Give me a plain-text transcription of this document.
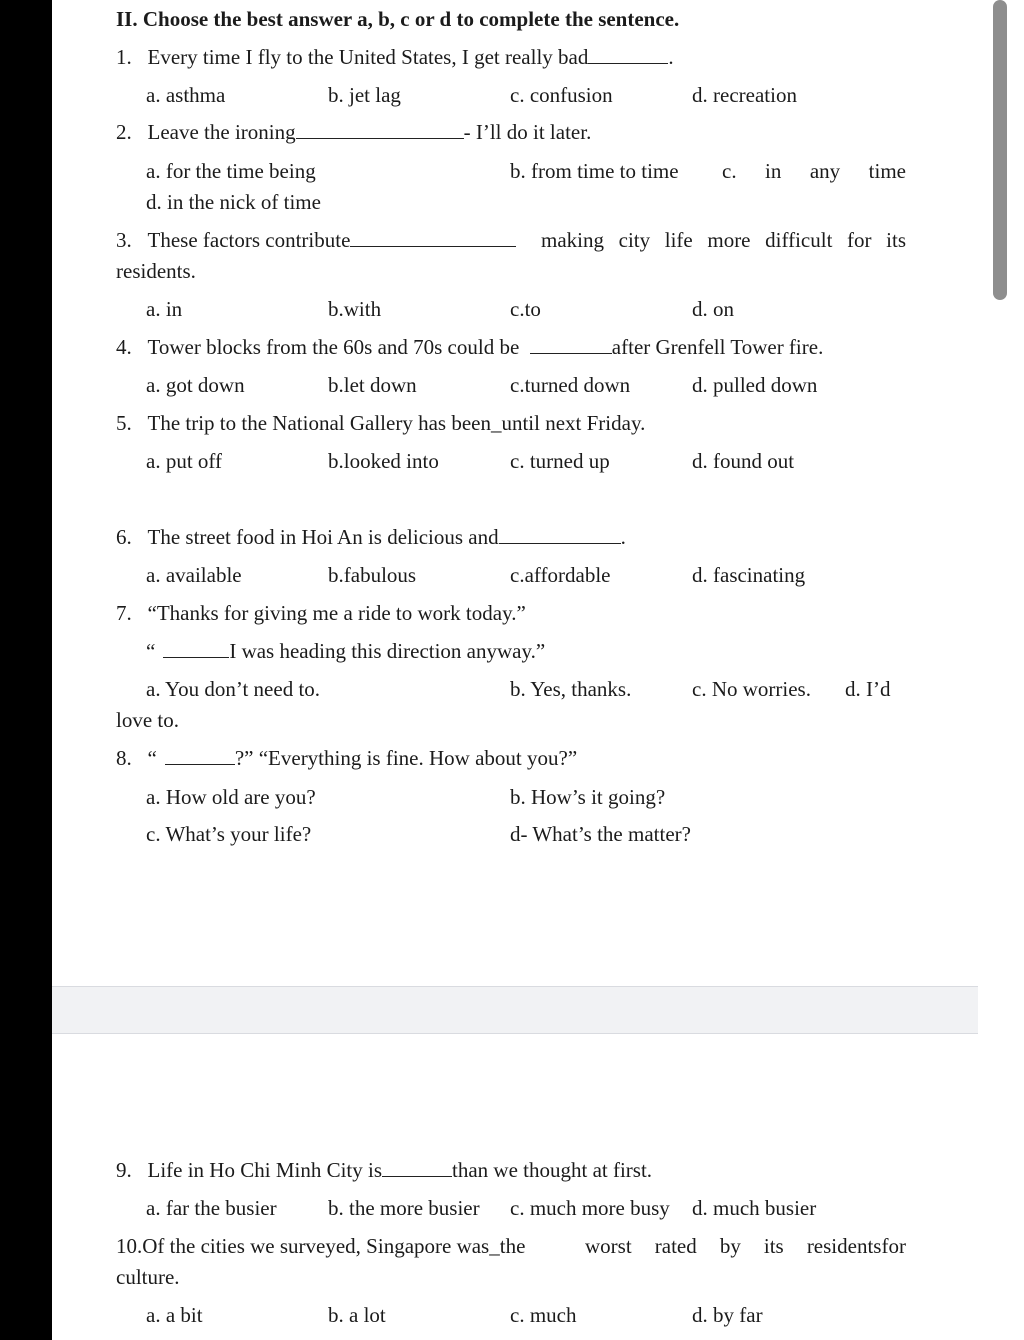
II. Choose the best answer a, b, c or d to complete the sentence.
1. Every time I fly to the United States, I get really bad	.
a. asthma	b. jet lag	c. confusion	d. recreation
2. Leave the ironing	- I’ll do it later.
a. for the time being	b. from time to time c. in any time
d. in the nick of time
3. These factors contribute	making city life more difficult for its
residents.
a. in	b.with	c.to	d. on
4. Tower blocks from the 60s and 70s could be	after Grenfell Tower fire.
a. got down	b.let down	c.turned down	d. pulled down
5. The trip to the National Gallery has been_until next Friday.
a. put off	b.looked into	c. turned up	d. found out
6. The street food in Hoi An is delicious and	.
a. available	b.fabulous	c.affordable	d. fascinating
7. “Thanks for giving me a ride to work today.”
“	I was heading this direction anyway.”
a. You don’t need to.	b. Yes, thanks.	c. No worries. d. I’d
love to.
8. “	?” “Everything is fine. How about you?”
a. How old are you?	b. How’s it going?
c. What’s your life?	d- What’s the matter?
9. Life in Ho Chi Minh City is	than we thought at first.
a. far the busier b. the more busier c. much more busy d. much busier
10.Of the cities we surveyed, Singapore was_the	worst rated by its residentsfor
culture.
a. a bit	b. a lot	c. much	d. by far
